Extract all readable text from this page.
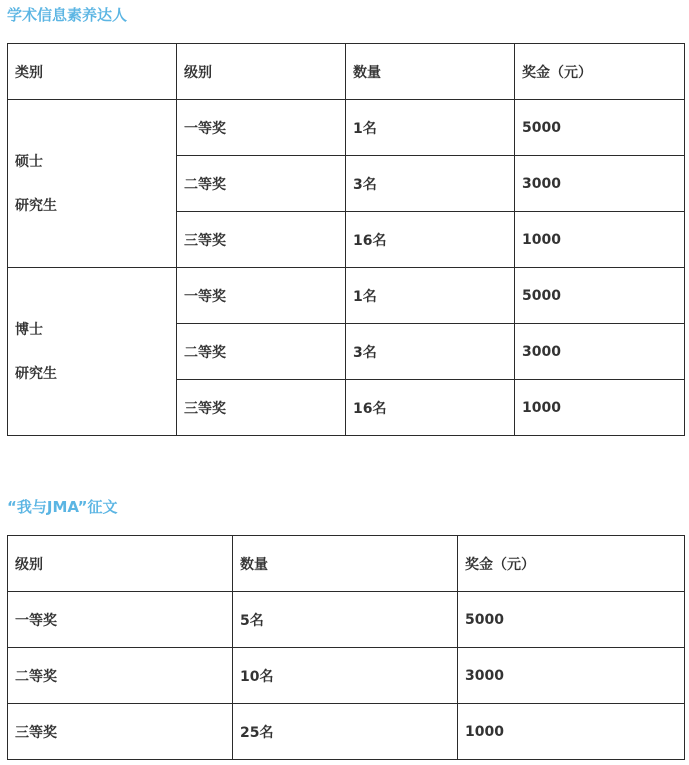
学术信息素养达人
类别	级别	数量	奖金（元）

硕士
研究生	一等奖	1名	5000
	二等奖	3名	3000
	三等奖	16名	1000

博士
研究生	一等奖	1名	5000
	二等奖	3名	3000
	三等奖	16名	1000
“我与JMA”征文
级别	数量	奖金（元）
一等奖	5名	5000
二等奖	10名	3000
三等奖	25名	1000
